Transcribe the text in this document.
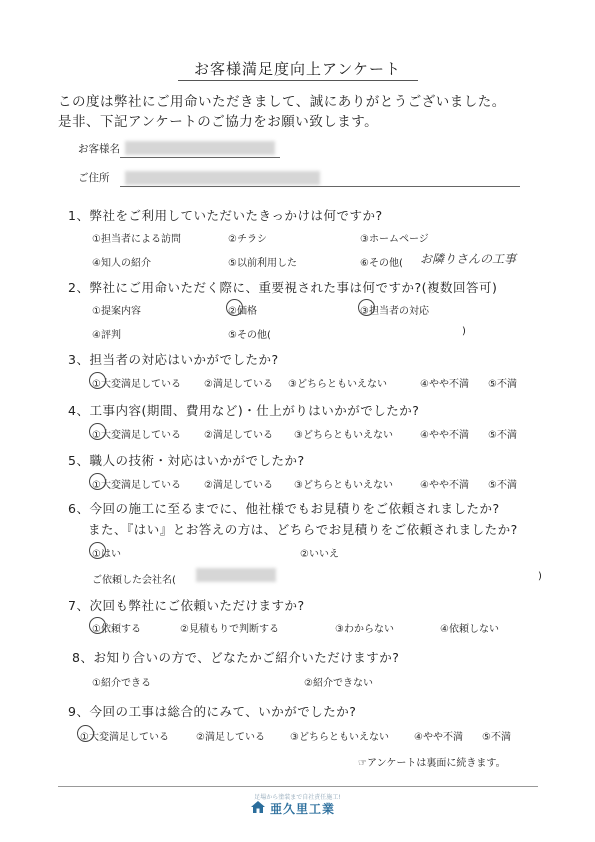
お客様満足度向上アンケート
この度は弊社にご用命いただきまして、誠にありがとうございました。
是非、下記アンケートのご協力をお願い致します。
お客様名
ご住所
1、弊社をご利用していただいたきっかけは何ですか?
①担当者による訪問	②チラシ	③ホームページ
④知人の紹介	⑤以前利用した	⑥その他( お隣りさんの工事
2、弊社にご用命いただく際に、重要視された事は何ですか?(複数回答可)
①提案内容	②価格	③担当者の対応
④評判	⑤その他(	)
3、担当者の対応はいかがでしたか?
①大変満足している ②満足している ③どちらともいえない	④やや不満 ⑤不満
4、工事内容(期間、費用など)・仕上がりはいかがでしたか?
①大変満足している ②満足している ③どちらともいえない	④やや不満 ⑤不満
5、職人の技術・対応はいかがでしたか?
①大変満足している ②満足している ③どちらともいえない	④やや不満 ⑤不満
6、今回の施工に至るまでに、他社様でもお見積りをご依頼されましたか?
また、『はい』とお答えの方は、どちらでお見積りをご依頼されましたか?
①はい	②いいえ
ご依頼した会社名(	)
7、次回も弊社にご依頼いただけますか?
①依頼する	②見積もりで判断する	③わからない	④依頼しない
8、お知り合いの方で、どなたかご紹介いただけますか?
①紹介できる	②紹介できない
9、今回の工事は総合的にみて、いかがでしたか?
①大変満足している	②満足している	③どちらともいえない	④やや不満 ⑤不満
☞アンケートは裏面に続きます。
足場から塗装まで自社責任施工!
亜久里工業
